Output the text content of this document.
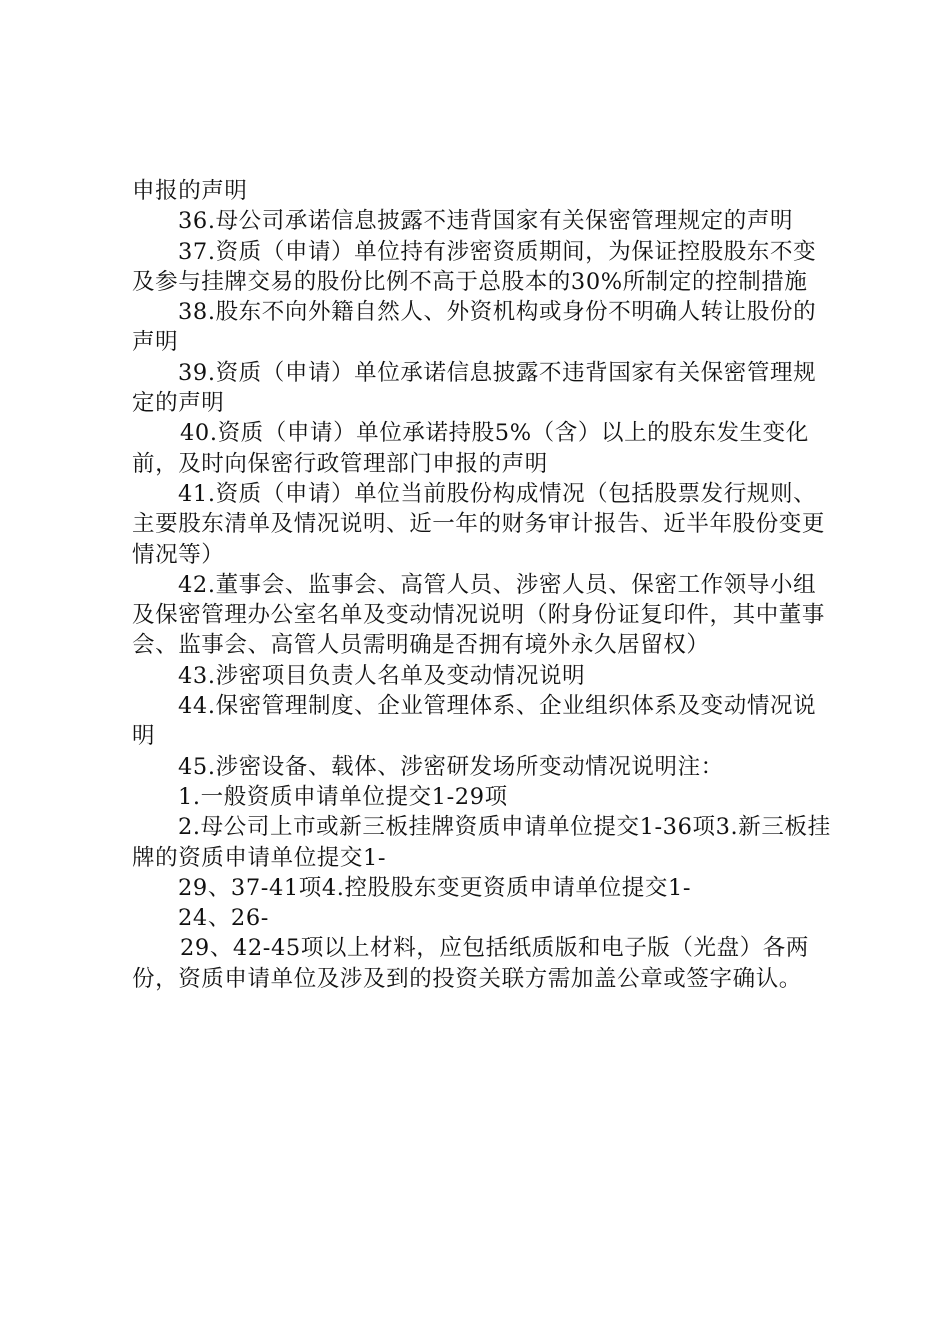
申报的声明

36.母公司承诺信息披露不违背国家有关保密管理规定的声明

37.资质（申请）单位持有涉密资质期间，为保证控股股东不变及参与挂牌交易的股份比例不高于总股本的30%所制定的控制措施

38.股东不向外籍自然人、外资机构或身份不明确人转让股份的声明

39.资质（申请）单位承诺信息披露不违背国家有关保密管理规定的声明

40.资质（申请）单位承诺持股5%（含）以上的股东发生变化前，及时向保密行政管理部门申报的声明

41.资质（申请）单位当前股份构成情况（包括股票发行规则、主要股东清单及情况说明、近一年的财务审计报告、近半年股份变更情况等）

42.董事会、监事会、高管人员、涉密人员、保密工作领导小组及保密管理办公室名单及变动情况说明（附身份证复印件，其中董事会、监事会、高管人员需明确是否拥有境外永久居留权）

43.涉密项目负责人名单及变动情况说明

44.保密管理制度、企业管理体系、企业组织体系及变动情况说明

45.涉密设备、载体、涉密研发场所变动情况说明注：

1.一般资质申请单位提交1-29项

2.母公司上市或新三板挂牌资质申请单位提交1-36项3.新三板挂牌的资质申请单位提交1-

29、37-41项4.控股股东变更资质申请单位提交1-

24、26-

29、42-45项以上材料，应包括纸质版和电子版（光盘）各两份，资质申请单位及涉及到的投资关联方需加盖公章或签字确认。
